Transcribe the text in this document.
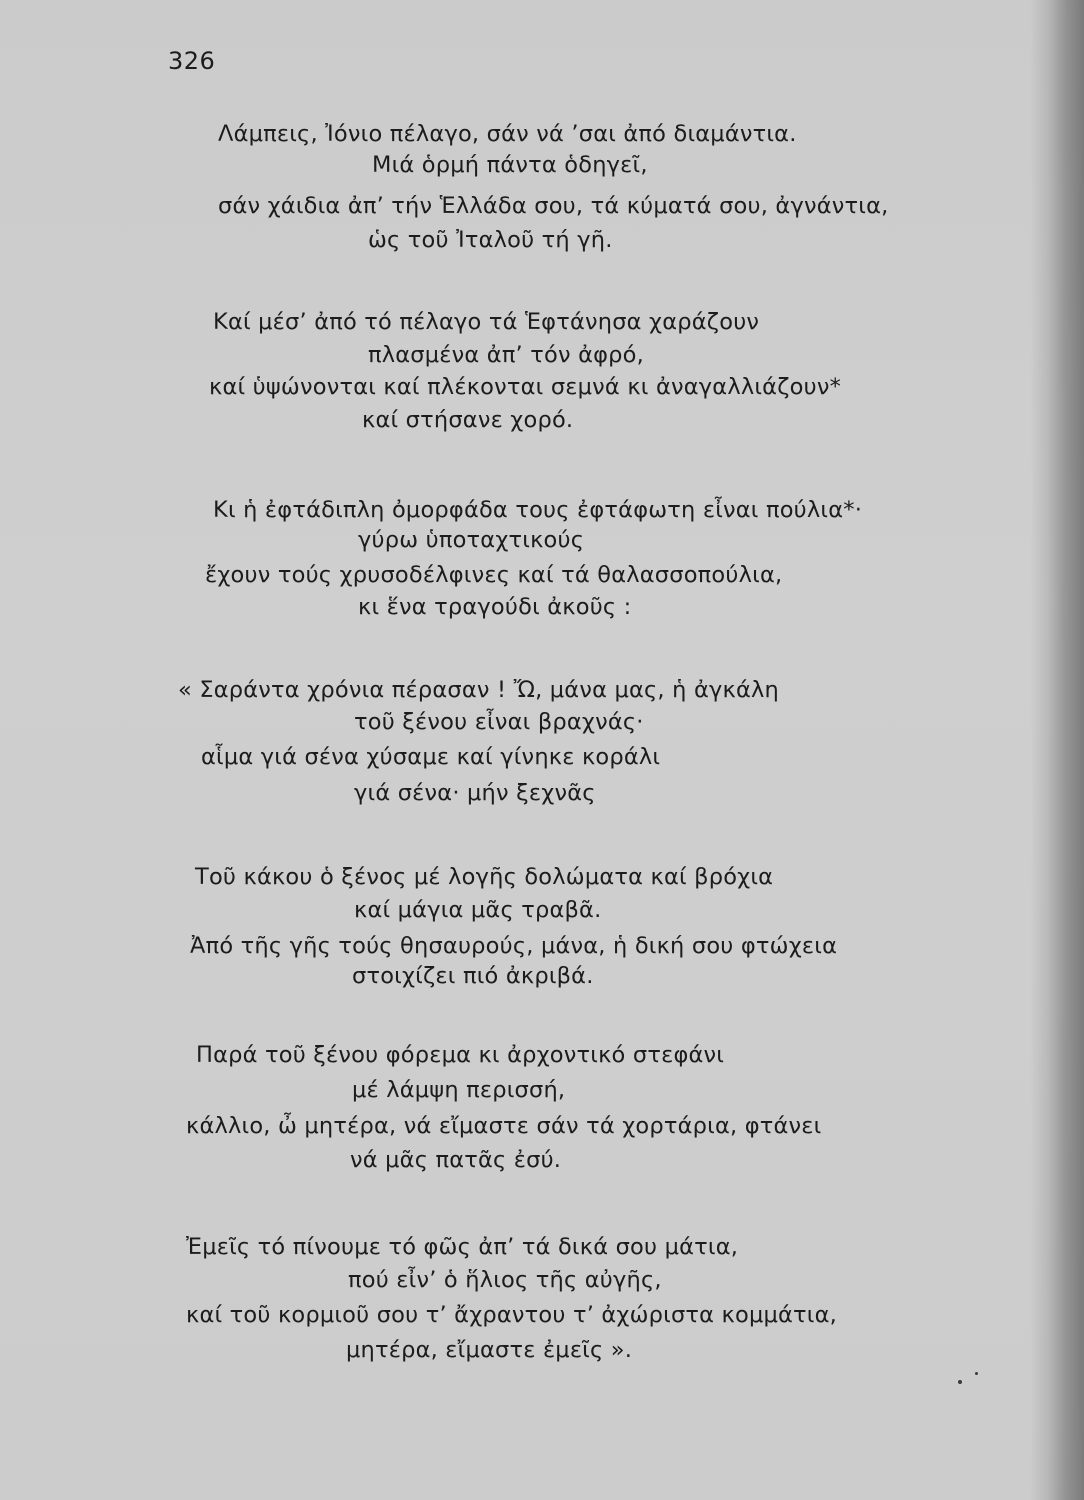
326
Λάμπεις, Ἰόνιο πέλαγο, σάν νά ’σαι ἀπό διαμάντια.
Μιά ὁρμή πάντα ὁδηγεῖ,
σάν χάιδια ἀπ’ τήν Ἑλλάδα σου, τά κύματά σου, ἀγνάντια,
ὡς τοῦ Ἰταλοῦ τή γῆ.
Καί μέσ’ ἀπό τό πέλαγο τά Ἑφτάνησα χαράζουν
πλασμένα ἀπ’ τόν ἀφρό,
καί ὑψώνονται καί πλέκονται σεμνά κι ἀναγαλλιάζουν*
καί στήσανε χορό.
Κι ἡ ἐφτάδιπλη ὀμορφάδα τους ἐφτάφωτη εἶναι πούλια*·
γύρω ὑποταχτικούς
ἔχουν τούς χρυσοδέλφινες καί τά θαλασσοπούλια,
κι ἕνα τραγούδι ἀκοῦς :
« Σαράντα χρόνια πέρασαν ! Ὤ, μάνα μας, ἡ ἀγκάλη
τοῦ ξένου εἶναι βραχνάς·
αἷμα γιά σένα χύσαμε καί γίνηκε κοράλι
γιά σένα· μήν ξεχνᾶς
Τοῦ κάκου ὁ ξένος μέ λογῆς δολώματα καί βρόχια
καί μάγια μᾶς τραβᾶ.
Ἀπό τῆς γῆς τούς θησαυρούς, μάνα, ἡ δική σου φτώχεια
στοιχίζει πιό ἀκριβά.
Παρά τοῦ ξένου φόρεμα κι ἀρχοντικό στεφάνι
μέ λάμψη περισσή,
κάλλιο, ὦ μητέρα, νά εἴμαστε σάν τά χορτάρια, φτάνει
νά μᾶς πατᾶς ἐσύ.
Ἐμεῖς τό πίνουμε τό φῶς ἀπ’ τά δικά σου μάτια,
πού εἶν’ ὁ ἥλιος τῆς αὐγῆς,
καί τοῦ κορμιοῦ σου τ’ ἄχραντου τ’ ἀχώριστα κομμάτια,
μητέρα, εἴμαστε ἐμεῖς ».
